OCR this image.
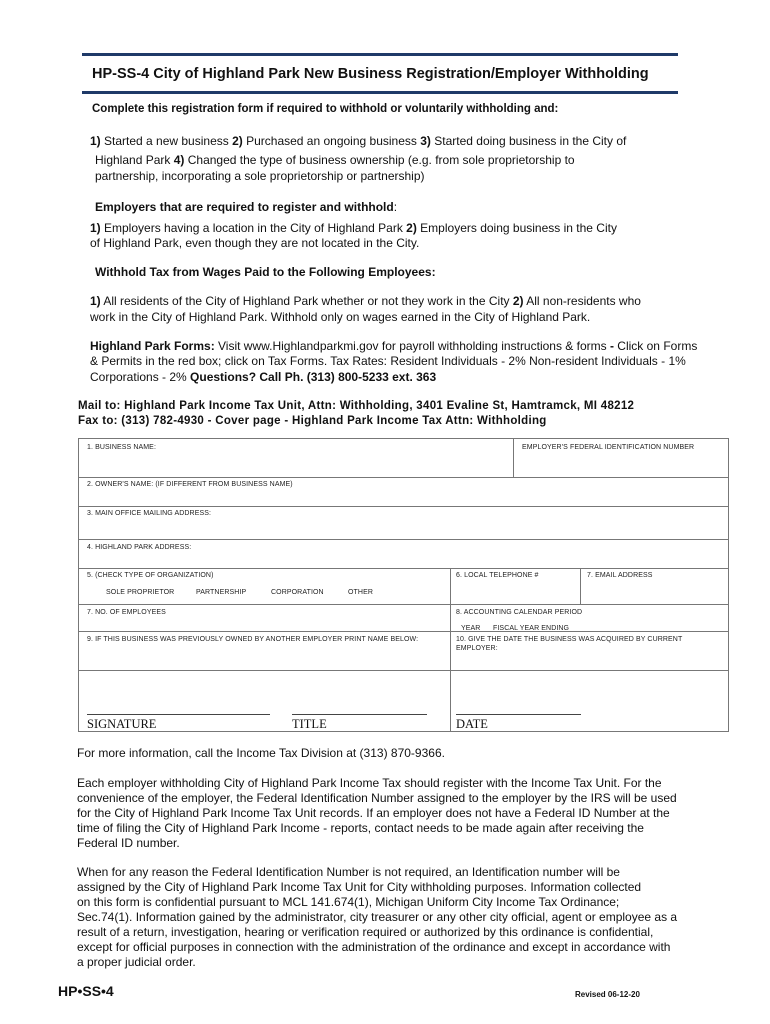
HP-SS-4 City of Highland Park New Business Registration/Employer Withholding
Complete this registration form if required to withhold or voluntarily withholding and:
1) Started a new business 2) Purchased an ongoing business 3) Started doing business in the City of
Highland Park 4) Changed the type of business ownership (e.g. from sole proprietorship to
partnership, incorporating a sole proprietorship or partnership)
Employers that are required to register and withhold:
1) Employers having a location in the City of Highland Park 2) Employers doing business in the City
of Highland Park, even though they are not located in the City.
Withhold Tax from Wages Paid to the Following Employees:
1) All residents of the City of Highland Park whether or not they work in the City 2) All non-residents who
work in the City of Highland Park. Withhold only on wages earned in the City of Highland Park.
Highland Park Forms: Visit www.Highlandparkmi.gov for payroll withholding instructions & forms - Click on Forms
& Permits in the red box; click on Tax Forms. Tax Rates: Resident Individuals - 2% Non-resident Individuals - 1%
Corporations - 2% Questions? Call Ph. (313) 800-5233 ext. 363
Mail to: Highland Park Income Tax Unit, Attn: Withholding, 3401 Evaline St, Hamtramck, MI 48212
Fax to: (313) 782-4930 - Cover page - Highland Park Income Tax Attn: Withholding
1. BUSINESS NAME:	EMPLOYER'S FEDERAL IDENTIFICATION NUMBER
2. OWNER'S NAME: (IF DIFFERENT FROM BUSINESS NAME)
3. MAIN OFFICE MAILING ADDRESS:
4. HIGHLAND PARK ADDRESS:
5. (CHECK TYPE OF ORGANIZATION)
SOLE PROPRIETOR	PARTNERSHIP	CORPORATION	OTHER
6. LOCAL TELEPHONE #	7. EMAIL ADDRESS
7. NO. OF EMPLOYEES	8. ACCOUNTING CALENDAR PERIOD
YEAR FISCAL YEAR ENDING
9. IF THIS BUSINESS WAS PREVIOUSLY OWNED BY ANOTHER EMPLOYER PRINT NAME BELOW:	10. GIVE THE DATE THE BUSINESS WAS ACQUIRED BY CURRENT
EMPLOYER:
SIGNATURE	TITLE	DATE
For more information, call the Income Tax Division at (313) 870-9366.
Each employer withholding City of Highland Park Income Tax should register with the Income Tax Unit. For the
convenience of the employer, the Federal Identification Number assigned to the employer by the IRS will be used
for the City of Highland Park Income Tax Unit records. If an employer does not have a Federal ID Number at the
time of filing the City of Highland Park Income - reports, contact needs to be made again after receiving the
Federal ID number.
When for any reason the Federal Identification Number is not required, an Identification number will be
assigned by the City of Highland Park Income Tax Unit for City withholding purposes. Information collected
on this form is confidential pursuant to MCL 141.674(1), Michigan Uniform City Income Tax Ordinance;
Sec.74(1). Information gained by the administrator, city treasurer or any other city official, agent or employee as a
result of a return, investigation, hearing or verification required or authorized by this ordinance is confidential,
except for official purposes in connection with the administration of the ordinance and except in accordance with
a proper judicial order.
HP•SS•4	Revised 06-12-20
